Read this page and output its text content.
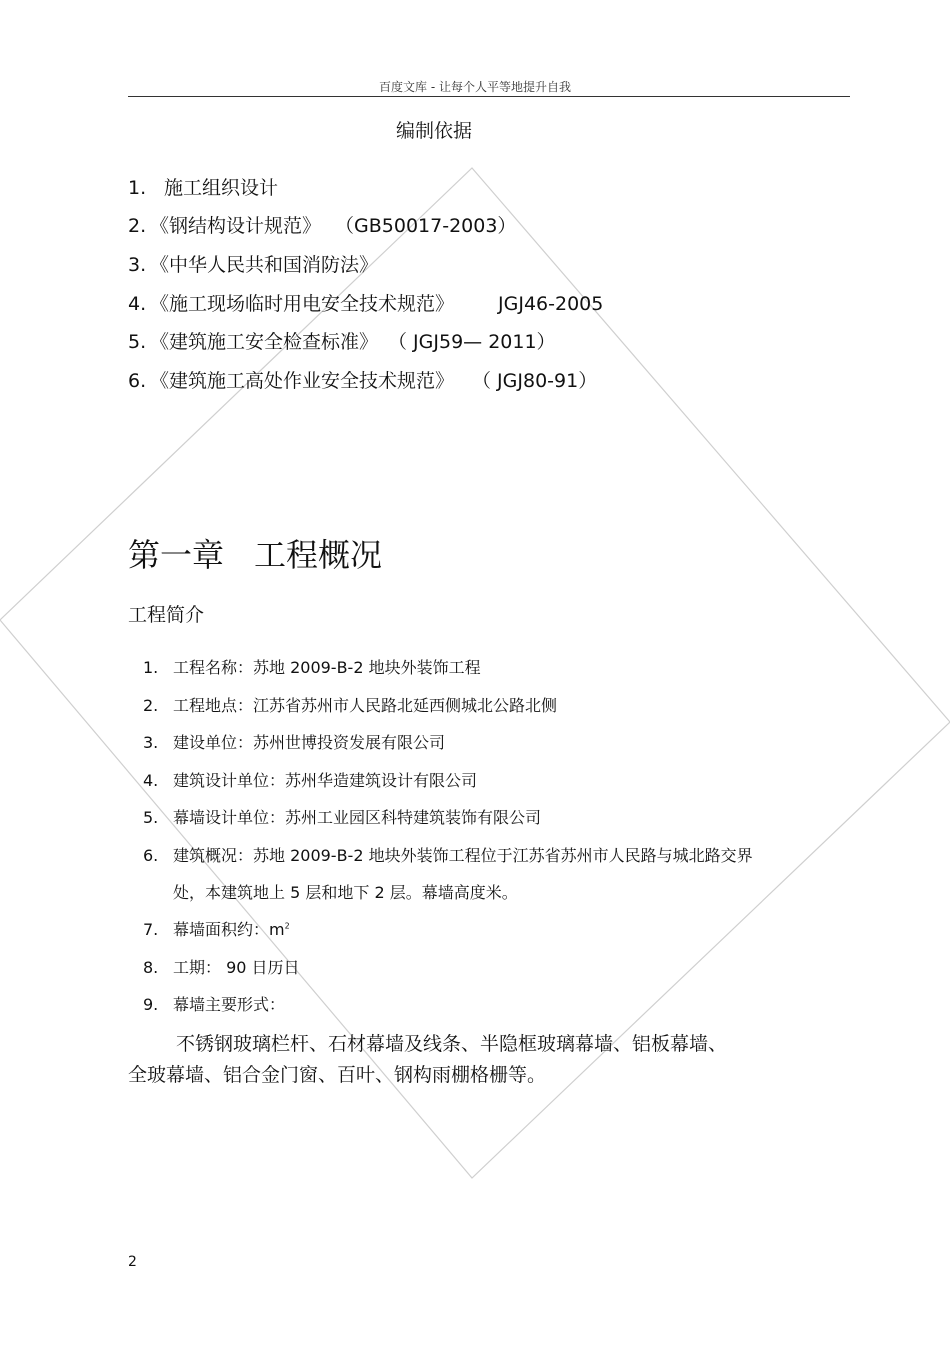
百度文库 - 让每个人平等地提升自我
编制依据
1. 施工组织设计
2. 《钢结构设计规范》 （GB50017-2003）
3. 《中华人民共和国消防法》
4. 《施工现场临时用电安全技术规范》 JGJ46-2005
5. 《建筑施工安全检查标准》 （ JGJ59— 2011）
6. 《建筑施工高处作业安全技术规范》 （ JGJ80-91）
第一章 工程概况
工程简介
1. 工程名称：苏地 2009-B-2 地块外装饰工程
2. 工程地点：江苏省苏州市人民路北延西侧城北公路北侧
3. 建设单位：苏州世博投资发展有限公司
4. 建筑设计单位：苏州华造建筑设计有限公司
5. 幕墙设计单位：苏州工业园区科特建筑装饰有限公司
6. 建筑概况：苏地 2009-B-2 地块外装饰工程位于江苏省苏州市人民路与城北路交界
处，本建筑地上 5 层和地下 2 层。幕墙高度米。
7. 幕墙面积约：$m^2$
8. 工期： 90 日历日
9. 幕墙主要形式：
不锈钢玻璃栏杆、石材幕墙及线条、半隐框玻璃幕墙、铝板幕墙、
全玻幕墙、铝合金门窗、百叶、钢构雨棚格栅等。
2
